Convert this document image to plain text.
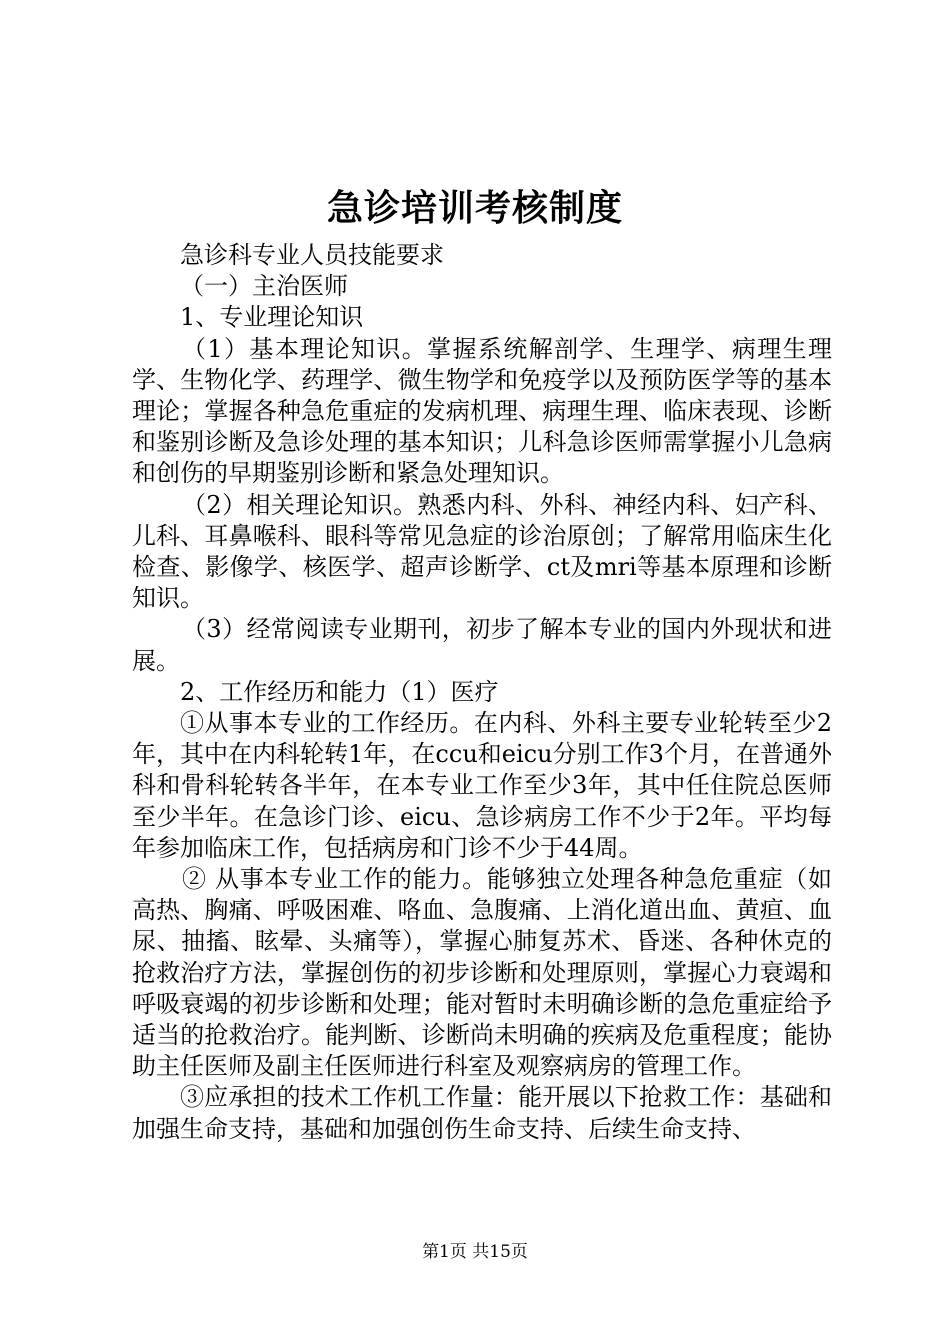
急诊培训考核制度

急诊科专业人员技能要求

（一）主治医师

1、专业理论知识

（1）基本理论知识。掌握系统解剖学、生理学、病理生理学、生物化学、药理学、微生物学和免疫学以及预防医学等的基本理论；掌握各种急危重症的发病机理、病理生理、临床表现、诊断和鉴别诊断及急诊处理的基本知识；儿科急诊医师需掌握小儿急病和创伤的早期鉴别诊断和紧急处理知识。

（2）相关理论知识。熟悉内科、外科、神经内科、妇产科、儿科、耳鼻喉科、眼科等常见急症的诊治原创；了解常用临床生化检查、影像学、核医学、超声诊断学、ct及mri等基本原理和诊断知识。

（3）经常阅读专业期刊，初步了解本专业的国内外现状和进展。

2、工作经历和能力（1）医疗

①从事本专业的工作经历。在内科、外科主要专业轮转至少2年，其中在内科轮转1年，在ccu和eicu分别工作3个月，在普通外科和骨科轮转各半年，在本专业工作至少3年，其中任住院总医师至少半年。在急诊门诊、eicu、急诊病房工作不少于2年。平均每年参加临床工作，包括病房和门诊不少于44周。

② 从事本专业工作的能力。能够独立处理各种急危重症（如高热、胸痛、呼吸困难、咯血、急腹痛、上消化道出血、黄疸、血尿、抽搐、眩晕、头痛等），掌握心肺复苏术、昏迷、各种休克的抢救治疗方法，掌握创伤的初步诊断和处理原则，掌握心力衰竭和呼吸衰竭的初步诊断和处理；能对暂时未明确诊断的急危重症给予适当的抢救治疗。能判断、诊断尚未明确的疾病及危重程度；能协助主任医师及副主任医师进行科室及观察病房的管理工作。

③应承担的技术工作机工作量：能开展以下抢救工作：基础和加强生命支持，基础和加强创伤生命支持、后续生命支持、

第1页 共15页
